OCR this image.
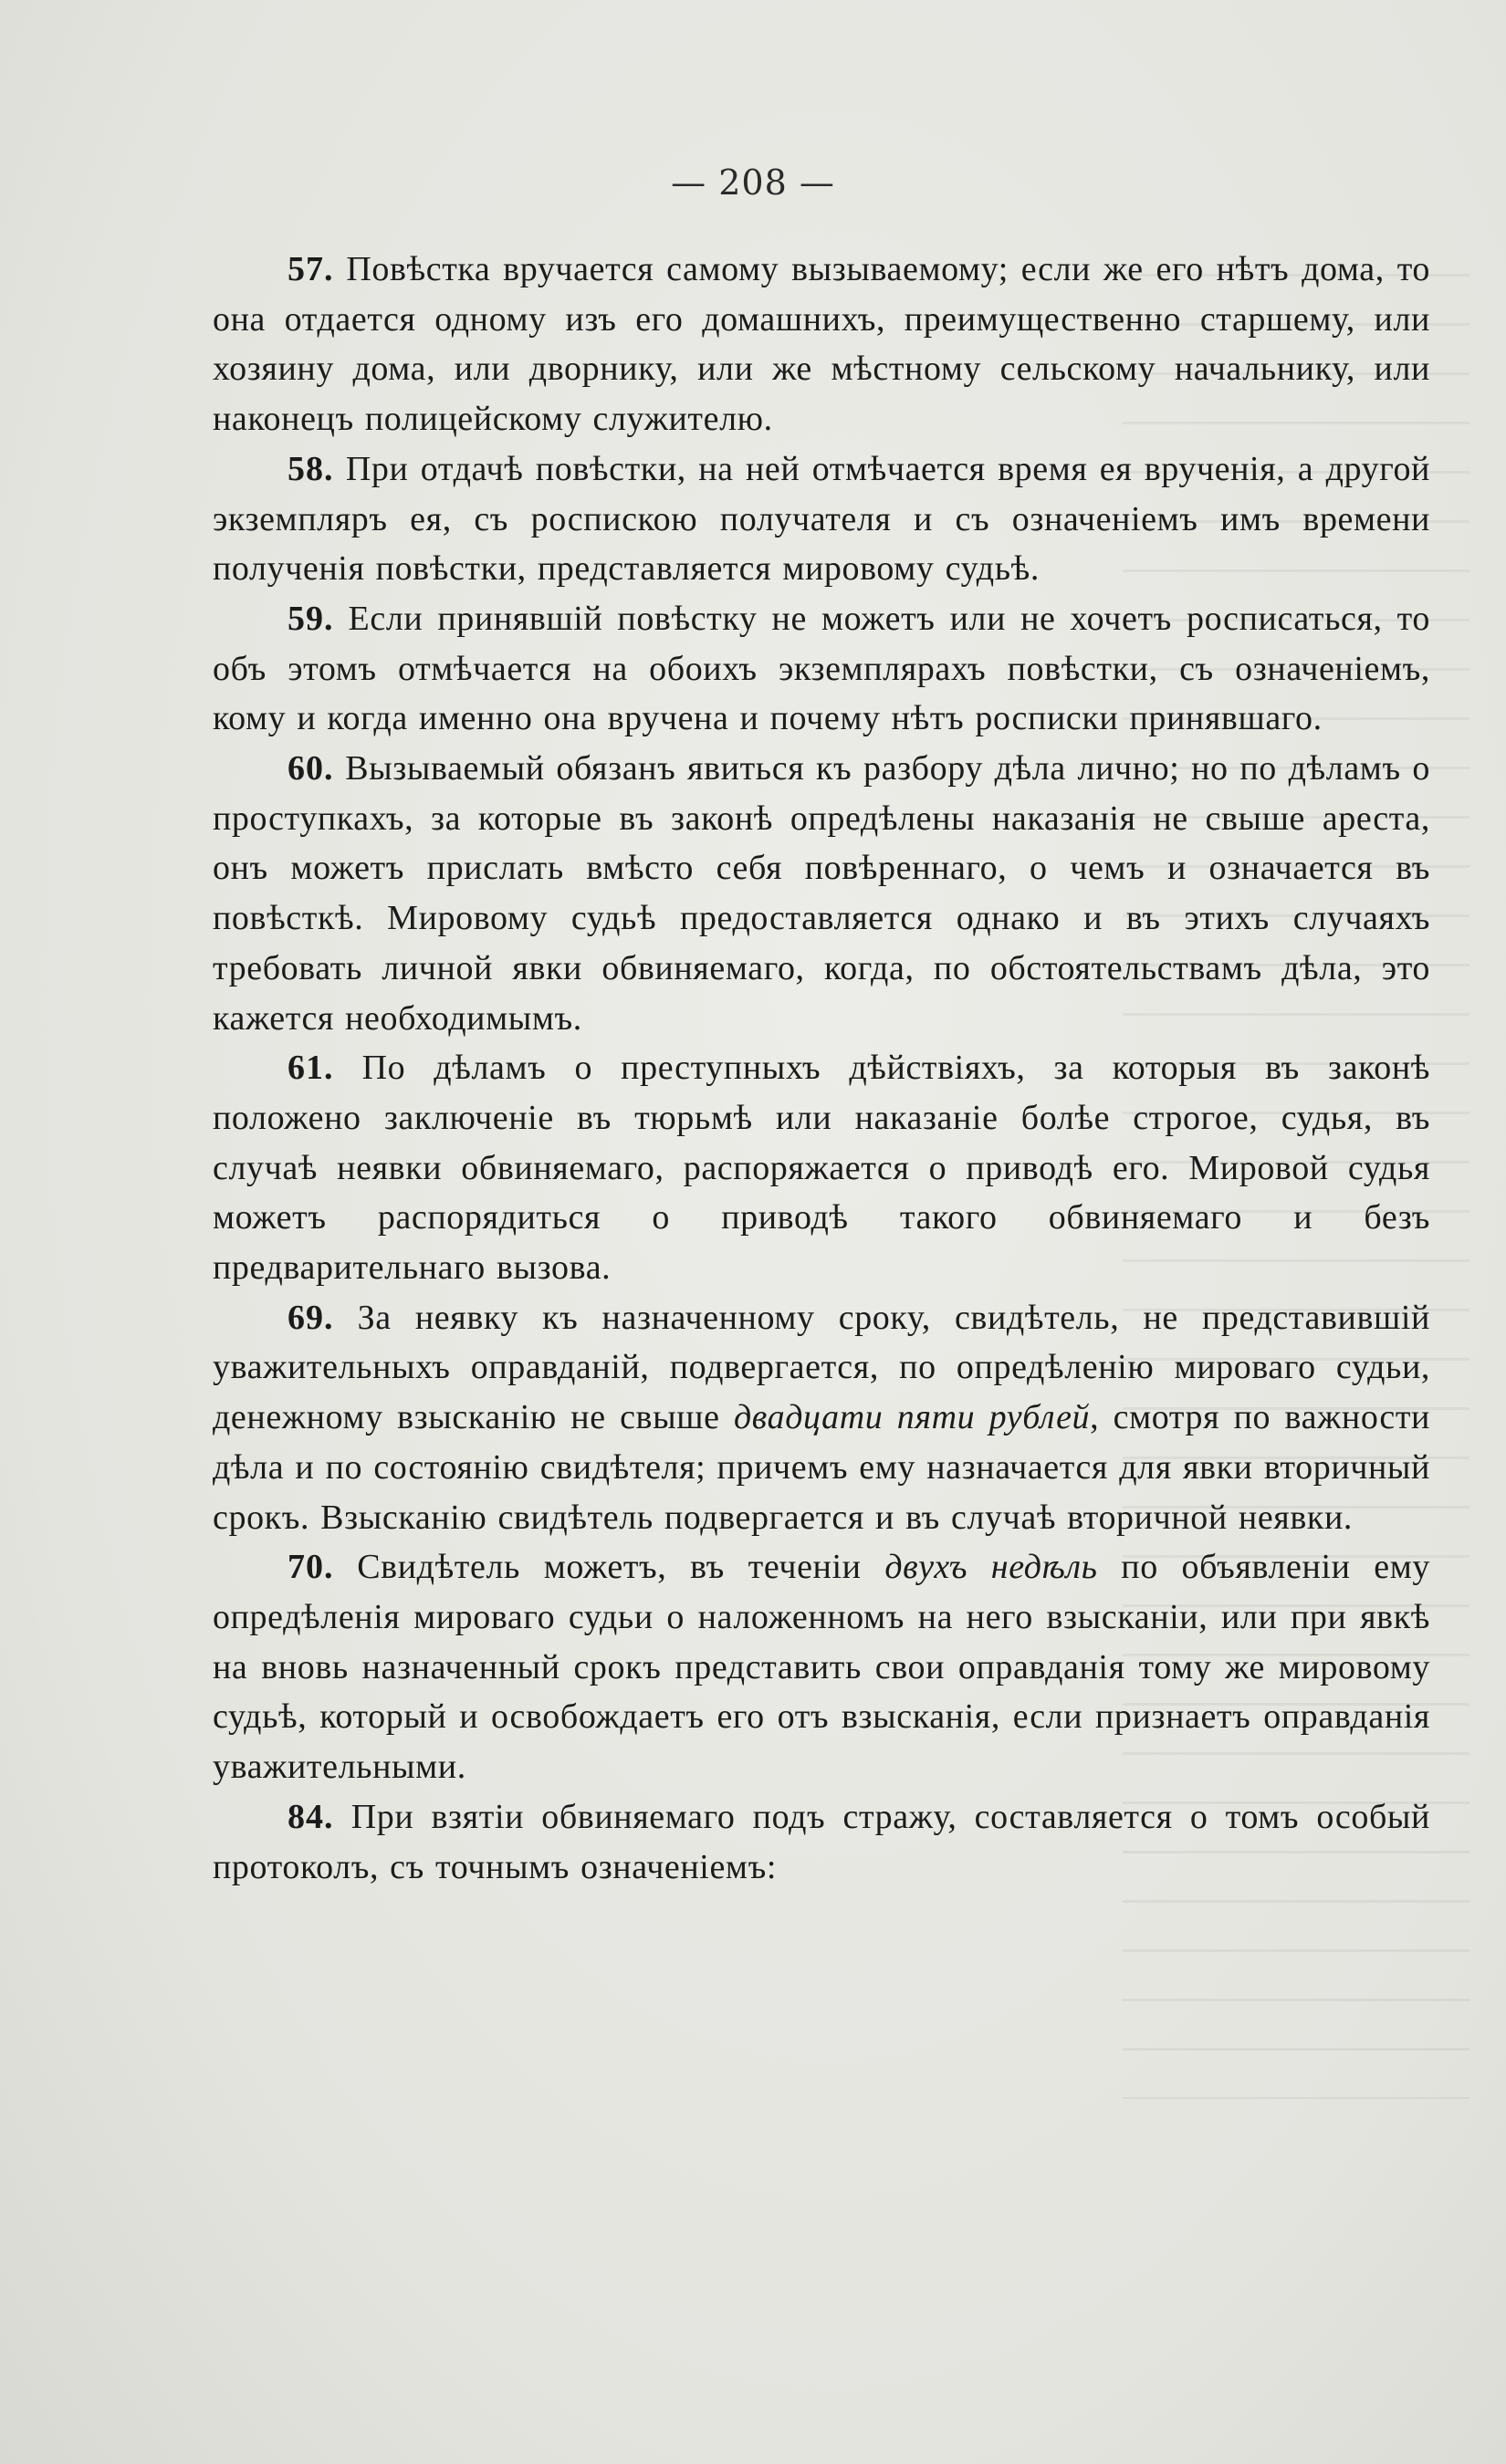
— 208 —

57. Повѣстка вручается самому вызываемому; если же его нѣтъ дома, то она отдается одному изъ его домашнихъ, преимущественно старшему, или хозяину дома, или дворнику, или же мѣстному сельскому начальнику, или наконецъ полицейскому служителю.

58. При отдачѣ повѣстки, на ней отмѣчается время ея врученія, а другой экземпляръ ея, съ роспискою получателя и съ означеніемъ имъ времени полученія повѣстки, представляется мировому судьѣ.

59. Если принявшій повѣстку не можетъ или не хочетъ росписаться, то объ этомъ отмѣчается на обоихъ экземплярахъ повѣстки, съ означеніемъ, кому и когда именно она вручена и почему нѣтъ росписки принявшаго.

60. Вызываемый обязанъ явиться къ разбору дѣла лично; но по дѣламъ о проступкахъ, за которые въ законѣ опредѣлены наказанія не свыше ареста, онъ можетъ прислать вмѣсто себя повѣреннаго, о чемъ и означается въ повѣсткѣ. Мировому судьѣ предоставляется однако и въ этихъ случаяхъ требовать личной явки обвиняемаго, когда, по обстоятельствамъ дѣла, это кажется необходимымъ.

61. По дѣламъ о преступныхъ дѣйствіяхъ, за которыя въ законѣ положено заключеніе въ тюрьмѣ или наказаніе болѣе строгое, судья, въ случаѣ неявки обвиняемаго, распоряжается о приводѣ его. Мировой судья можетъ распорядиться о приводѣ такого обвиняемаго и безъ предварительнаго вызова.

69. За неявку къ назначенному сроку, свидѣтель, не представившій уважительныхъ оправданій, подвергается, по опредѣленію мироваго судьи, денежному взысканію не свыше двадцати пяти рублей, смотря по важности дѣла и по состоянію свидѣтеля; причемъ ему назначается для явки вторичный срокъ. Взысканію свидѣтель подвергается и въ случаѣ вторичной неявки.

70. Свидѣтель можетъ, въ теченіи двухъ недѣль по объявленіи ему опредѣленія мироваго судьи о наложенномъ на него взысканіи, или при явкѣ на вновь назначенный срокъ представить свои оправданія тому же мировому судьѣ, который и освобождаетъ его отъ взысканія, если признаетъ оправданія уважительными.

84. При взятіи обвиняемаго подъ стражу, составляется о томъ особый протоколъ, съ точнымъ означеніемъ:
